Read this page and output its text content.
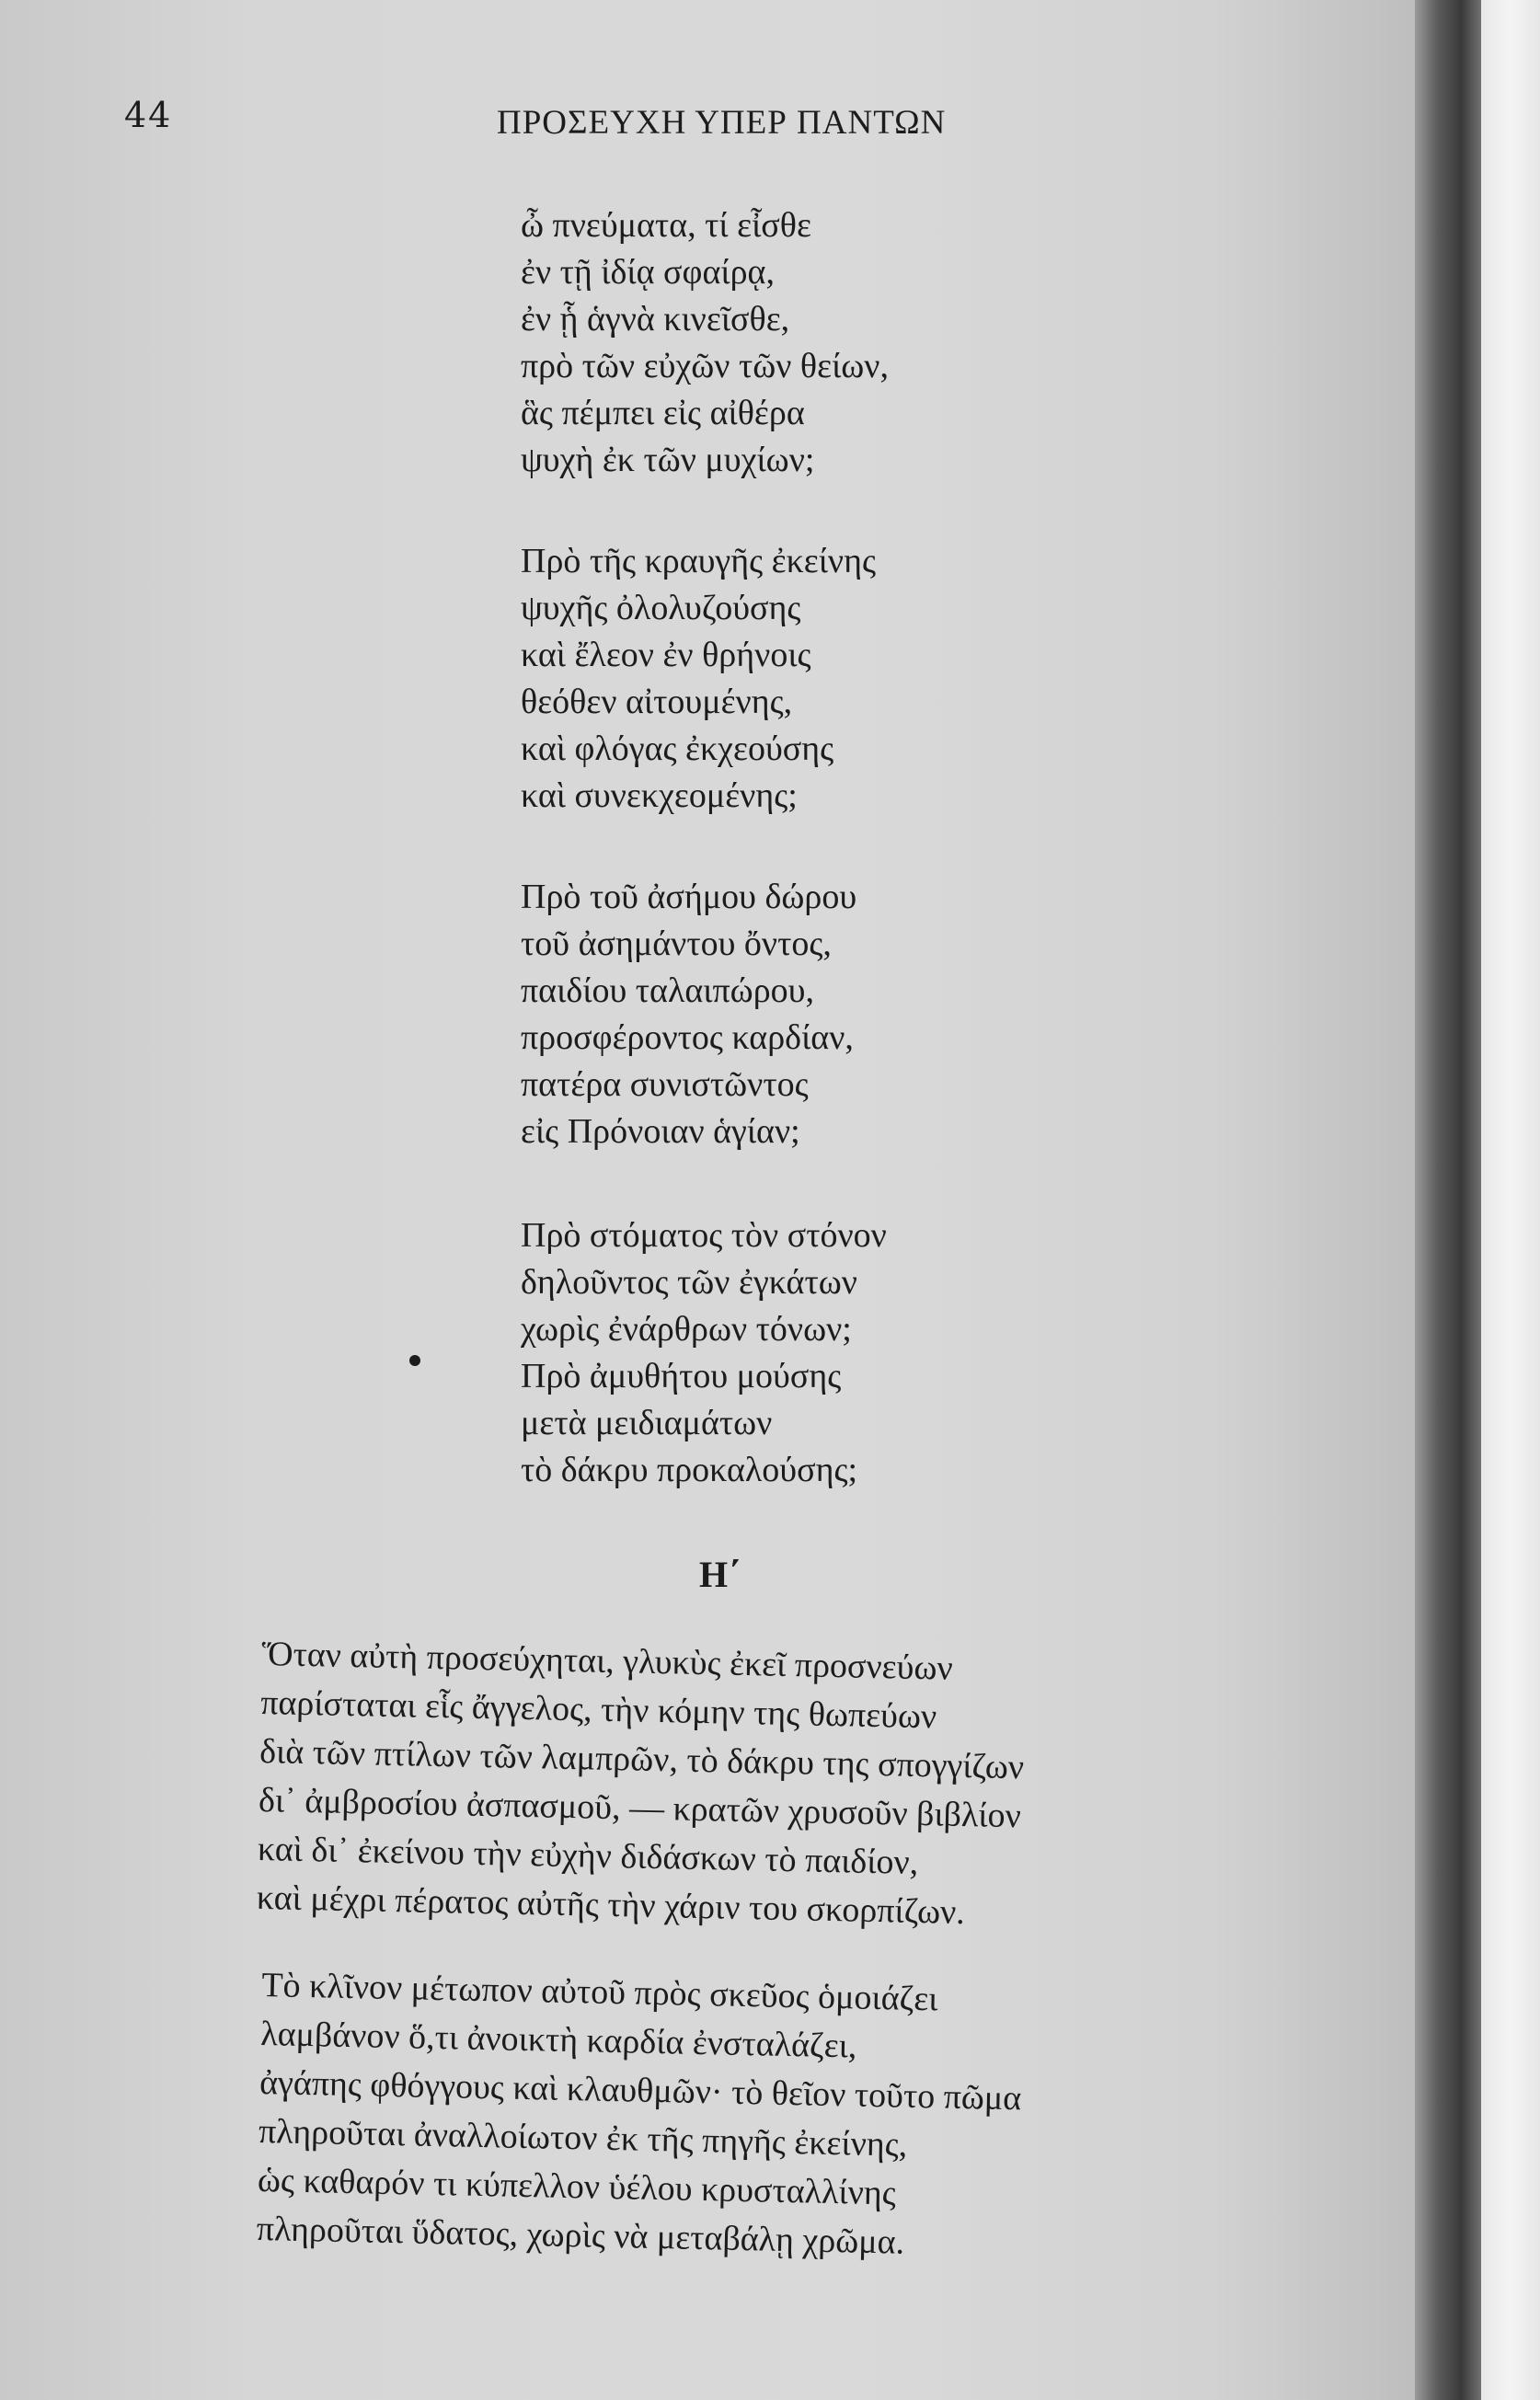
44	ΠΡΟΣΕΥΧΗ ΥΠΕΡ ΠΑΝΤΩΝ
ὦ πνεύματα, τί εἶσθε
ἐν τῇ ἰδίᾳ σφαίρᾳ,
ἐν ᾗ ἁγνὰ κινεῖσθε,
πρὸ τῶν εὐχῶν τῶν θείων,
ἃς πέμπει εἰς αἰθέρα
ψυχὴ ἐκ τῶν μυχίων;
Πρὸ τῆς κραυγῆς ἐκείνης
ψυχῆς ὀλολυζούσης
καὶ ἔλεον ἐν θρήνοις
θεόθεν αἰτουμένης,
καὶ φλόγας ἐκχεούσης
καὶ συνεκχεομένης;
Πρὸ τοῦ ἀσήμου δώρου
τοῦ ἀσημάντου ὄντος,
παιδίου ταλαιπώρου,
προσφέροντος καρδίαν,
πατέρα συνιστῶντος
εἰς Πρόνοιαν ἁγίαν;
Πρὸ στόματος τὸν στόνον
δηλοῦντος τῶν ἐγκάτων
χωρὶς ἐνάρθρων τόνων;
Πρὸ ἀμυθήτου μούσης
μετὰ μειδιαμάτων
τὸ δάκρυ προκαλούσης;
Η΄
Ὅταν αὐτὴ προσεύχηται, γλυκὺς ἐκεῖ προσνεύων
παρίσταται εἷς ἄγγελος, τὴν κόμην της θωπεύων
διὰ τῶν πτίλων τῶν λαμπρῶν, τὸ δάκρυ της σπογγίζων
δι᾿ ἀμβροσίου ἀσπασμοῦ, — κρατῶν χρυσοῦν βιβλίον
καὶ δι᾿ ἐκείνου τὴν εὐχὴν διδάσκων τὸ παιδίον,
καὶ μέχρι πέρατος αὐτῆς τὴν χάριν του σκορπίζων.
Τὸ κλῖνον μέτωπον αὐτοῦ πρὸς σκεῦος ὁμοιάζει
λαμβάνον ὅ,τι ἀνοικτὴ καρδία ἐνσταλάζει,
ἀγάπης φθόγγους καὶ κλαυθμῶν· τὸ θεῖον τοῦτο πῶμα
πληροῦται ἀναλλοίωτον ἐκ τῆς πηγῆς ἐκείνης,
ὡς καθαρόν τι κύπελλον ὑέλου κρυσταλλίνης
πληροῦται ὕδατος, χωρὶς νὰ μεταβάλῃ χρῶμα.
